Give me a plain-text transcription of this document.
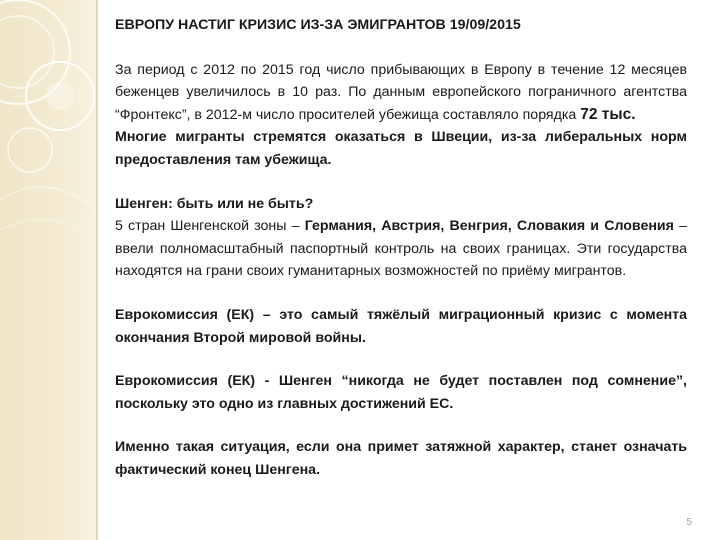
ЕВРОПУ НАСТИГ КРИЗИС ИЗ-ЗА ЭМИГРАНТОВ 19/09/2015

За период с 2012 по 2015 год число прибывающих в Европу в течение 12 месяцев беженцев увеличилось в 10 раз. По данным европейского пограничного агентства “Фронтекс”, в 2012-м число просителей убежища составляло порядка 72 тыс.

Многие мигранты стремятся оказаться в Швеции, из-за либеральных норм предоставления там убежища.

Шенген: быть или не быть?

5 стран Шенгенской зоны – Германия, Австрия, Венгрия, Словакия и Словения – ввели полномасштабный паспортный контроль на своих границах. Эти государства находятся на грани своих гуманитарных возможностей по приёму мигрантов.

Еврокомиссия (ЕК) – это самый тяжёлый миграционный кризис с момента окончания Второй мировой войны.

Еврокомиссия (ЕК) - Шенген “никогда не будет поставлен под сомнение”, поскольку это одно из главных достижений ЕС.

Именно такая ситуация, если она примет затяжной характер, станет означать фактический конец Шенгена.

5
